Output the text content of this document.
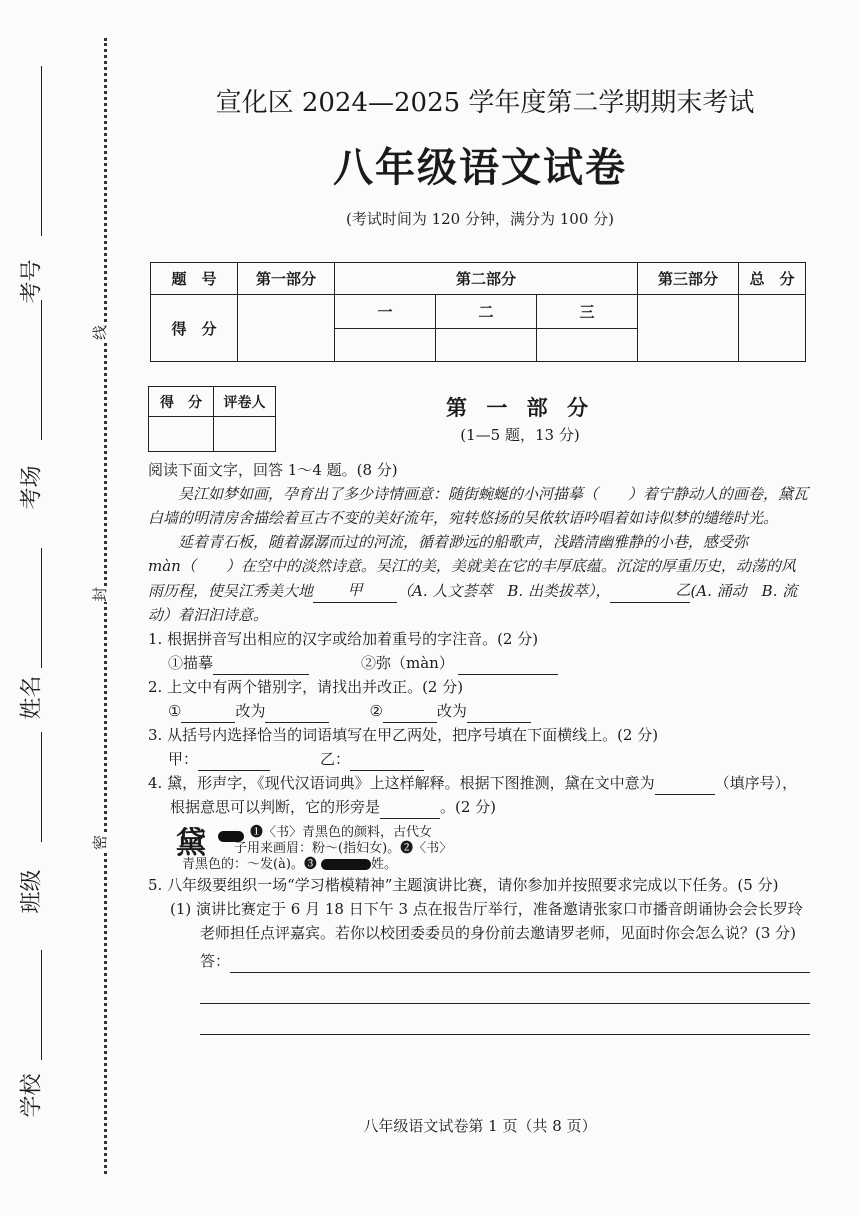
考号
考场
姓名
班级
学校
线
封
密
宣化区 2024—2025 学年度第二学期期末考试
八年级语文试卷
(考试时间为 120 分钟，满分为 100 分)
题　号	第一部分	第二部分			第三部分	总　分
得　分		一	二	三		

得　分	评卷人
		第 一 部 分
(1—5 题，13 分)

阅读下面文字，回答 1～4 题。(8 分)

吴江如梦如画，孕育出了多少诗情画意：随街蜿蜒的小河描摹（　　）着宁静动人的画卷，黛瓦白墙的明清房舍描绘着亘古不变的美好流年，宛转悠扬的吴侬软语吟唱着如诗似梦的缱绻时光。

延着青石板，随着潺潺而过的河流，循着渺远的船歌声，浅踏清幽雅静的小巷，感受弥

màn（　　）在空中的淡然诗意。吴江的美，美就美在它的丰厚底蕴。沉淀的厚重历史，动荡的风雨历程，使吴江秀美大地 甲 （A. 人文荟萃　B. 出类拔萃），	乙(A. 涌动　B. 流动）着汩汩诗意。

1. 根据拼音写出相应的汉字或给加着重号的字注音。(2 分)

①描摹	②弥（màn）

2. 上文中有两个错别字，请找出并改正。(2 分)

①	改为	②	改为

3. 从括号内选择恰当的词语填写在甲乙两处，把序号填在下面横线上。(2 分)

甲：	乙：

4. 黛，形声字，《现代汉语词典》上这样解释。根据下图推测，黛在文中意为	（填序号），根据意思可以判断，它的形旁是	。(2 分)

黛	❶〈书〉青黑色的颜料，古代女
子用来画眉：粉～(指妇女)。❷〈书〉
青黑色的：～发(à)。❸	姓。

5. 八年级要组织一场“学习楷模精神”主题演讲比赛，请你参加并按照要求完成以下任务。(5 分)

(1) 演讲比赛定于 6 月 18 日下午 3 点在报告厅举行，准备邀请张家口市播音朗诵协会会长罗玲老师担任点评嘉宾。若你以校团委委员的身份前去邀请罗老师，见面时你会怎么说？(3 分)

答：
八年级语文试卷第 1 页（共 8 页）
